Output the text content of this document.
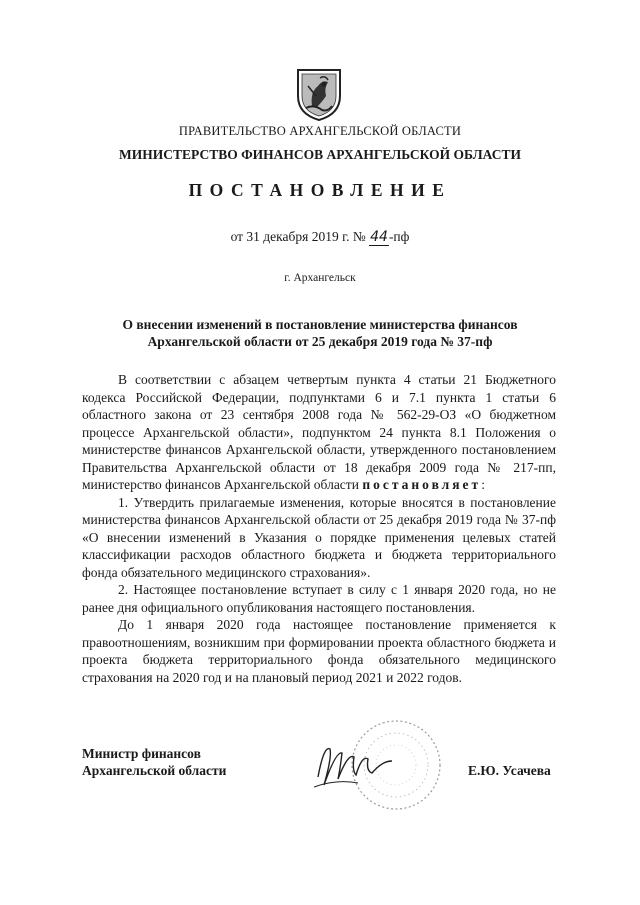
ПРАВИТЕЛЬСТВО АРХАНГЕЛЬСКОЙ ОБЛАСТИ
МИНИСТЕРСТВО ФИНАНСОВ АРХАНГЕЛЬСКОЙ ОБЛАСТИ
ПОСТАНОВЛЕНИЕ
от 31 декабря 2019 г. № 44-пф
г. Архангельск
О внесении изменений в постановление министерства финансов
Архангельской области от 25 декабря 2019 года № 37-пф

В соответствии с абзацем четвертым пункта 4 статьи 21 Бюджетного кодекса Российской Федерации, подпунктами 6 и 7.1 пункта 1 статьи 6 областного закона от 23 сентября 2008 года № 562-29-ОЗ «О бюджетном процессе Архангельской области», подпунктом 24 пункта 8.1 Положения о министерстве финансов Архангельской области, утвержденного постановлением Правительства Архангельской области от 18 декабря 2009 года № 217-пп, министерство финансов Архангельской области постановляет:

1. Утвердить прилагаемые изменения, которые вносятся в постановление министерства финансов Архангельской области от 25 декабря 2019 года № 37-пф «О внесении изменений в Указания о порядке применения целевых статей классификации расходов областного бюджета и бюджета территориального фонда обязательного медицинского страхования».

2. Настоящее постановление вступает в силу с 1 января 2020 года, но не ранее дня официального опубликования настоящего постановления.

До 1 января 2020 года настоящее постановление применяется к правоотношениям, возникшим при формировании проекта областного бюджета и проекта бюджета территориального фонда обязательного медицинского страхования на 2020 год и на плановый период 2021 и 2022 годов.

Министр финансов
Архангельской области	Е.Ю. Усачева
